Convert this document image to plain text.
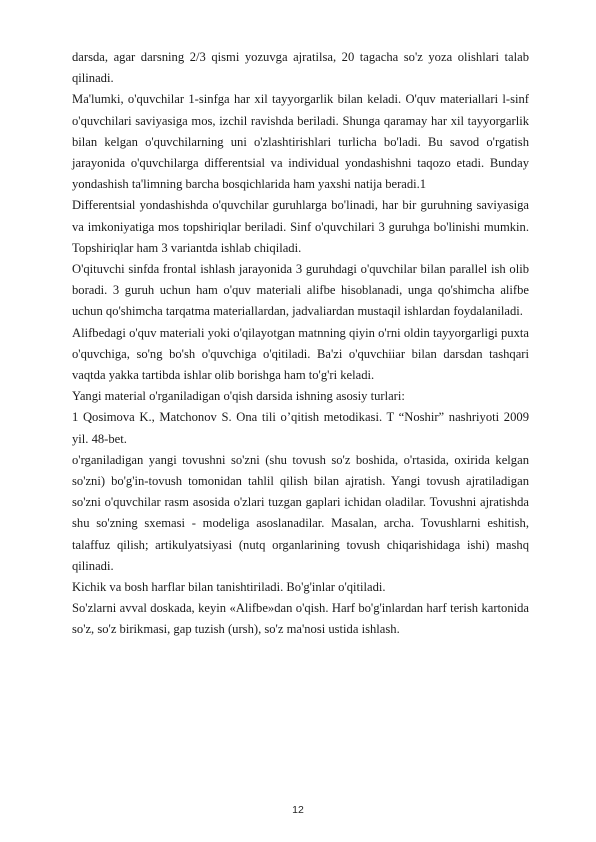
darsda, agar darsning 2/3 qismi yozuvga ajratilsa, 20 tagacha so'z yoza olishlari talab qilinadi.

Ma'lumki, o'quvchilar 1-sinfga har xil tayyorgarlik bilan keladi. O'quv materiallari l-sinf o'quvchilari saviyasiga mos, izchil ravishda beriladi. Shunga qaramay har xil tayyorgarlik bilan kelgan o'quvchilarning uni o'zlashtirishlari turlicha bo'ladi. Bu savod o'rgatish jarayonida o'quvchilarga differentsial va individual yondashishni taqozo etadi. Bunday yondashish ta'limning barcha bosqichlarida ham yaxshi natija beradi.1

Differentsial yondashishda o'quvchilar guruhlarga bo'linadi, har bir guruhning saviyasiga va imkoniyatiga mos topshiriqlar beriladi. Sinf o'quvchilari 3 guruhga bo'linishi mumkin. Topshiriqlar ham 3 variantda ishlab chiqiladi.

O'qituvchi sinfda frontal ishlash jarayonida 3 guruhdagi o'quvchilar bilan parallel ish olib boradi. 3 guruh uchun ham o'quv materiali alifbe hisoblanadi, unga qo'shimcha alifbe uchun qo'shimcha tarqatma materiallardan, jadvaliardan mustaqil ishlardan foydalaniladi.

Alifbedagi o'quv materiali yoki o'qilayotgan matnning qiyin o'rni oldin tayyorgarligi puxta o'quvchiga, so'ng bo'sh o'quvchiga o'qitiladi. Ba'zi o'quvchiiar bilan darsdan tashqari vaqtda yakka tartibda ishlar olib borishga ham to'g'ri keladi.

Yangi material o'rganiladigan o'qish darsida ishning asosiy turlari:

1 Qosimova K., Matchonov S. Ona tili o’qitish metodikasi. T “Noshir” nashriyoti 2009 yil. 48-bet.

o'rganiladigan yangi tovushni so'zni (shu tovush so'z boshida, o'rtasida, oxirida kelgan so'zni) bo'g'in-tovush tomonidan tahlil qilish bilan ajratish. Yangi tovush ajratiladigan so'zni o'quvchilar rasm asosida o'zlari tuzgan gaplari ichidan oladilar. Tovushni ajratishda shu so'zning sxemasi - modeliga asoslanadilar. Masalan, archa. Tovushlarni eshitish, talaffuz qilish; artikulyatsiyasi (nutq organlarining tovush chiqarishidaga ishi) mashq qilinadi.

Kichik va bosh harflar bilan tanishtiriladi. Bo'g'inlar o'qitiladi.

So'zlarni avval doskada, keyin «Alifbe»dan o'qish. Harf bo'g'inlardan harf terish kartonida so'z, so'z birikmasi, gap tuzish (ursh), so'z ma'nosi ustida ishlash.

12
